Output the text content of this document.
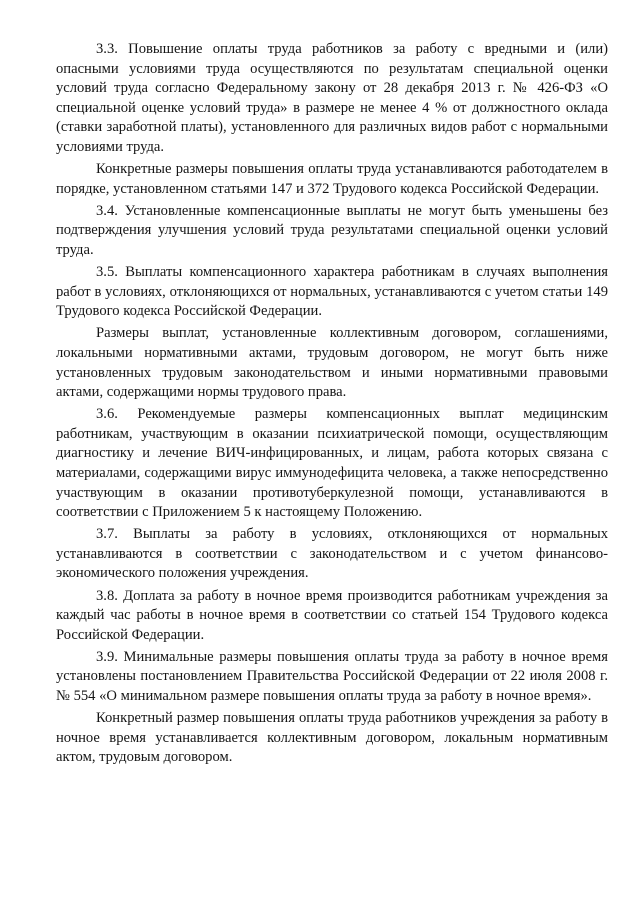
3.3. Повышение оплаты труда работников за работу с вредными и (или) опасными условиями труда осуществляются по результатам специальной оценки условий труда согласно Федеральному закону от 28 декабря 2013 г. № 426-ФЗ «О специальной оценке условий труда» в размере не менее 4 % от должностного оклада (ставки заработной платы), установленного для различных видов работ с нормальными условиями труда.

Конкретные размеры повышения оплаты труда устанавливаются работодателем в порядке, установленном статьями 147 и 372 Трудового кодекса Российской Федерации.

3.4. Установленные компенсационные выплаты не могут быть уменьшены без подтверждения улучшения условий труда результатами специальной оценки условий труда.

3.5. Выплаты компенсационного характера работникам в случаях выполнения работ в условиях, отклоняющихся от нормальных, устанавливаются с учетом статьи 149 Трудового кодекса Российской Федерации.

Размеры выплат, установленные коллективным договором, соглашениями, локальными нормативными актами, трудовым договором, не могут быть ниже установленных трудовым законодательством и иными нормативными правовыми актами, содержащими нормы трудового права.

3.6. Рекомендуемые размеры компенсационных выплат медицинским работникам, участвующим в оказании психиатрической помощи, осуществляющим диагностику и лечение ВИЧ-инфицированных, и лицам, работа которых связана с материалами, содержащими вирус иммунодефицита человека, а также непосредственно участвующим в оказании противотуберкулезной помощи, устанавливаются в соответствии с Приложением 5 к настоящему Положению.

3.7. Выплаты за работу в условиях, отклоняющихся от нормальных устанавливаются в соответствии с законодательством и с учетом финансово-экономического положения учреждения.

3.8. Доплата за работу в ночное время производится работникам учреждения за каждый час работы в ночное время в соответствии со статьей 154 Трудового кодекса Российской Федерации.

3.9. Минимальные размеры повышения оплаты труда за работу в ночное время установлены постановлением Правительства Российской Федерации от 22 июля 2008 г. № 554 «О минимальном размере повышения оплаты труда за работу в ночное время».

Конкретный размер повышения оплаты труда работников учреждения за работу в ночное время устанавливается коллективным договором, локальным нормативным актом, трудовым договором.
